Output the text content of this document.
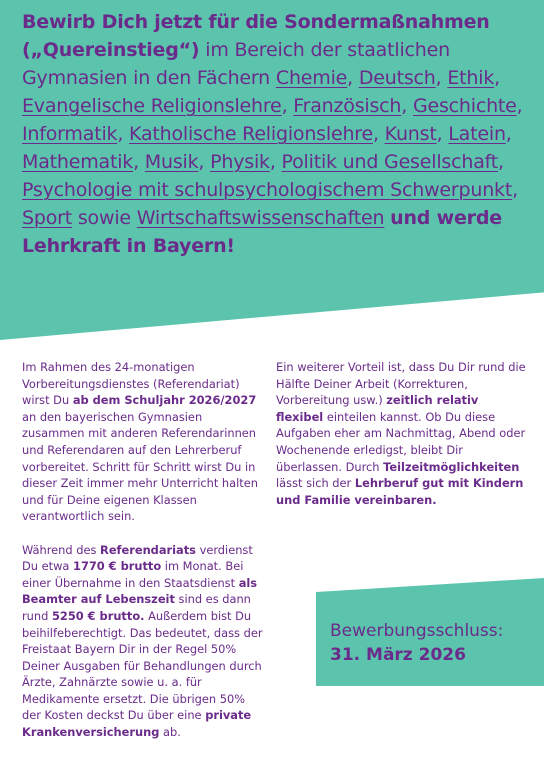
Bewirb Dich jetzt für die Sondermaßnahmen („Quereinstieg“) im Bereich der staatlichen Gymnasien in den Fächern Chemie, Deutsch, Ethik, Evangelische Religionslehre, Französisch, Geschichte, Informatik, Katholische Religionslehre, Kunst, Latein, Mathematik, Musik, Physik, Politik und Gesellschaft, Psychologie mit schulpsychologischem Schwerpunkt, Sport sowie Wirtschaftswissenschaften und werde Lehrkraft in Bayern!

Im Rahmen des 24-monatigen Vorbereitungsdienstes (Referendariat) wirst Du ab dem Schuljahr 2026/2027 an den bayerischen Gymnasien zusammen mit anderen Referendarinnen und Referendaren auf den Lehrerberuf vorbereitet. Schritt für Schritt wirst Du in dieser Zeit immer mehr Unterricht halten und für Deine eigenen Klassen verantwortlich sein.

Während des Referendariats verdienst Du etwa 1770 € brutto im Monat. Bei einer Übernahme in den Staatsdienst als Beamter auf Lebenszeit sind es dann rund 5250 € brutto. Außerdem bist Du beihilfeberechtigt. Das bedeutet, dass der Freistaat Bayern Dir in der Regel 50% Deiner Ausgaben für Behandlungen durch Ärzte, Zahnärzte sowie u. a. für Medikamente ersetzt. Die übrigen 50% der Kosten deckst Du über eine private Krankenversicherung ab.

Ein weiterer Vorteil ist, dass Du Dir rund die Hälfte Deiner Arbeit (Korrekturen, Vorbereitung usw.) zeitlich relativ flexibel einteilen kannst. Ob Du diese Aufgaben eher am Nachmittag, Abend oder Wochenende erledigst, bleibt Dir überlassen. Durch Teilzeitmöglichkeiten lässt sich der Lehrberuf gut mit Kindern und Familie vereinbaren.

Bewerbungsschluss:
31. März 2026
